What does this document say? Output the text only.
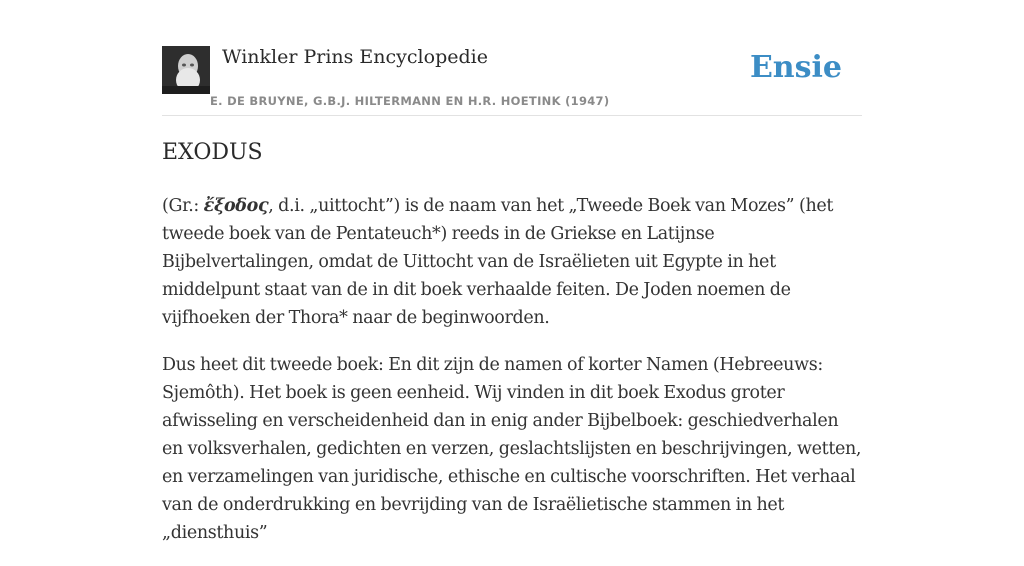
Winkler Prins Encyclopedie
E. DE BRUYNE, G.B.J. HILTERMANN EN H.R. HOETINK (1947)
Ensie
EXODUS

(Gr.: ἔξοδος, d.i. „uittocht”) is de naam van het „Tweede Boek van Mozes” (het tweede boek van de Pentateuch*) reeds in de Griekse en Latijnse Bijbelvertalingen, omdat de Uittocht van de Israëlieten uit Egypte in het middelpunt staat van de in dit boek verhaalde feiten. De Joden noemen de vijfhoeken der Thora* naar de beginwoorden.

Dus heet dit tweede boek: En dit zijn de namen of korter Namen (Hebreeuws: Sjemôth). Het boek is geen eenheid. Wij vinden in dit boek Exodus groter afwisseling en verscheidenheid dan in enig ander Bijbelboek: geschiedverhalen en volksverhalen, gedichten en verzen, geslachtslijsten en beschrijvingen, wetten, en verzamelingen van juridische, ethische en cultische voorschriften. Het verhaal van de onderdrukking en bevrijding van de Israëlietische stammen in het „diensthuis”
